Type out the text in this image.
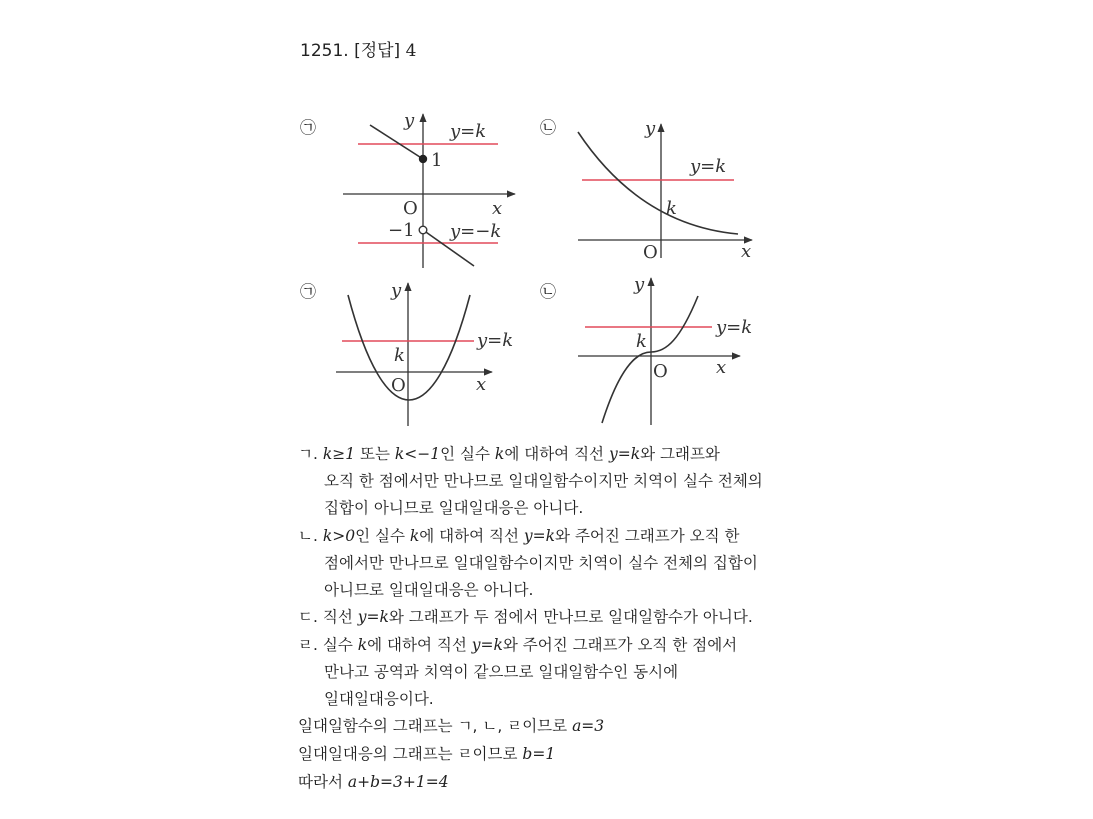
1251. [정답] 4
㉠	㉡
㉠	㉡
y
y=k
1
O	x
−1 y=−k
y
y=k
k
O	x
y
y=k
k
O	x
y
y=k
k
O	x
ㄱ. k≥1 또는 k<−1인 실수 k에 대하여 직선 y=k와 그래프와
오직 한 점에서만 만나므로 일대일함수이지만 치역이 실수 전체의
집합이 아니므로 일대일대응은 아니다.
ㄴ. k>0인 실수 k에 대하여 직선 y=k와 주어진 그래프가 오직 한
점에서만 만나므로 일대일함수이지만 치역이 실수 전체의 집합이
아니므로 일대일대응은 아니다.
ㄷ. 직선 y=k와 그래프가 두 점에서 만나므로 일대일함수가 아니다.
ㄹ. 실수 k에 대하여 직선 y=k와 주어진 그래프가 오직 한 점에서
만나고 공역과 치역이 같으므로 일대일함수인 동시에
일대일대응이다.
일대일함수의 그래프는 ㄱ, ㄴ, ㄹ이므로 a=3
일대일대응의 그래프는 ㄹ이므로 b=1
따라서 a+b=3+1=4
